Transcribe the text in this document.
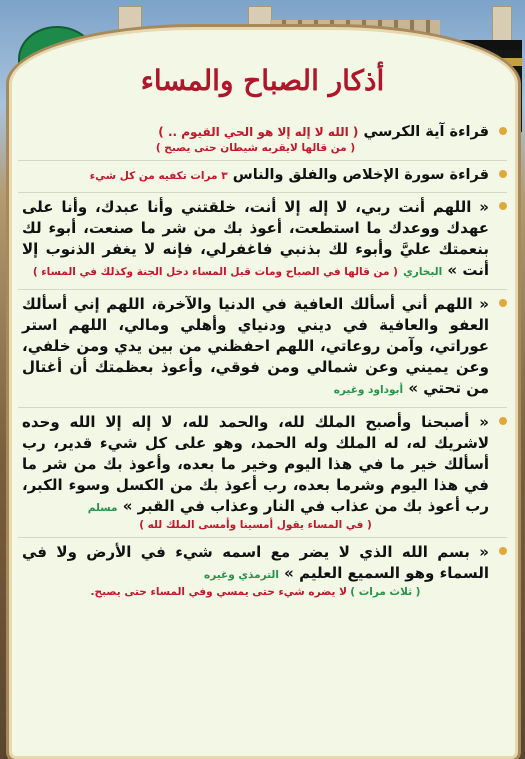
أذكار الصباح والمساء
قراءة آية الكرسي ( الله لا إله إلا هو الحي القيوم .. )
( من قالها لايقربه شيطان حتى يصبح )
قراءة سورة الإخلاص والفلق والناس ٣ مرات تكفيه من كل شيء
« اللهم أنت ربي، لا إله إلا أنت، خلقتني وأنا عبدك، وأنا على عهدك ووعدك ما استطعت، أعوذ بك من شر ما صنعت، أبوء لك بنعمتك عليَّ وأبوء لك بذنبي فاغفرلي، فإنه لا يغفر الذنوب إلا أنت » البخاري ( من قالها في الصباح ومات قبل المساء دخل الجنة وكذلك في المساء )
« اللهم أني أسألك العافية في الدنيا والآخرة، اللهم إني أسألك العفو والعافية في ديني ودنياي وأهلي ومالي، اللهم استر عوراتي، وآمن روعاتي، اللهم احفظني من بين يدي ومن خلفي، وعن يميني وعن شمالي ومن فوقي، وأعوذ بعظمتك أن أغتال من تحتي » أبوداود وغيره
« أصبحنا وأصبح الملك لله، والحمد لله، لا إله إلا الله وحده لاشريك له، له الملك وله الحمد، وهو على كل شيء قدير، رب أسألك خير ما في هذا اليوم وخير ما بعده، وأعوذ بك من شر ما في هذا اليوم وشرما بعده، رب أعوذ بك من الكسل وسوء الكبر، رب أعوذ بك من عذاب في النار وعذاب في القبر » مسلم
( في المساء يقول أمسينا وأمسى الملك لله )
« بسم الله الذي لا يضر مع اسمه شيء في الأرض ولا في السماء وهو السميع العليم » الترمذي وغيره
( ثلاث مرات ) لا يضره شيء حتى يمسي وفي المساء حتى يصبح.
